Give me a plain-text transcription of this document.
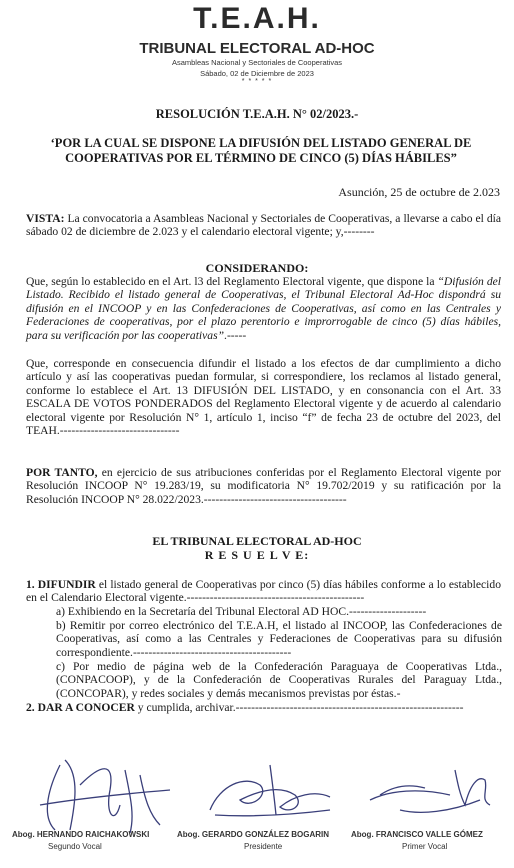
T.E.A.H.
TRIBUNAL ELECTORAL AD-HOC
Asambleas Nacional y Sectoriales de Cooperativas
Sábado, 02 de Diciembre de 2023
* * * * *
RESOLUCIÓN T.E.A.H. N° 02/2023.-
‘POR LA CUAL SE DISPONE LA DIFUSIÓN DEL LISTADO GENERAL DE COOPERATIVAS POR EL TÉRMINO DE CINCO (5) DÍAS HÁBILES”
Asunción, 25 de octubre de 2.023
VISTA: La convocatoria a Asambleas Nacional y Sectoriales de Cooperativas, a llevarse a cabo el día sábado 02 de diciembre de 2.023 y el calendario electoral vigente; y,--------
CONSIDERANDO:
Que, según lo establecido en el Art. l3 del Reglamento Electoral vigente, que dispone la “Difusión del Listado. Recibido el listado general de Cooperativas, el Tribunal Electoral Ad-Hoc dispondrá su difusión en el INCOOP y en las Confederaciones de Cooperativas, así como en las Centrales y Federaciones de cooperativas, por el plazo perentorio e improrrogable de cinco (5) días hábiles, para su verificación por las cooperativas”.-----
Que, corresponde en consecuencia difundir el listado a los efectos de dar cumplimiento a dicho artículo y así las cooperativas puedan formular, si correspondiere, los reclamos al listado general, conforme lo establece el Art. 13 DIFUSIÓN DEL LISTADO, y en consonancia con el Art. 33 ESCALA DE VOTOS PONDERADOS del Reglamento Electoral vigente y de acuerdo al calendario electoral vigente por Resolución N° 1, artículo 1, inciso “f” de fecha 23 de octubre del 2023, del TEAH.-------------------------------
POR TANTO, en ejercicio de sus atribuciones conferidas por el Reglamento Electoral vigente por Resolución INCOOP N° 19.283/19, su modificatoria N° 19.702/2019 y su ratificación por la Resolución INCOOP N° 28.022/2023.-------------------------------------
EL TRIBUNAL ELECTORAL AD-HOC
R E S U E L V E:
1. DIFUNDIR el listado general de Cooperativas por cinco (5) días hábiles conforme a lo establecido en el Calendario Electoral vigente.----------------------------------------------
a) Exhibiendo en la Secretaría del Tribunal Electoral AD HOC.--------------------
b) Remitir por correo electrónico del T.E.A.H, el listado al INCOOP, las Confederaciones de Cooperativas, así como a las Centrales y Federaciones de Cooperativas para su difusión correspondiente.-----------------------------------------
c) Por medio de página web de la Confederación Paraguaya de Cooperativas Ltda., (CONPACOOP), y de la Confederación de Cooperativas Rurales del Paraguay Ltda., (CONCOPAR), y redes sociales y demás mecanismos previstas por éstas.-
2. DAR A CONOCER y cumplida, archivar.-----------------------------------------------------------
Abog. HERNANDO RAICHAKOWSKI
Segundo Vocal
Abog. GERARDO GONZÁLEZ BOGARIN
Presidente
Abog. FRANCISCO VALLE GÓMEZ
Primer Vocal
